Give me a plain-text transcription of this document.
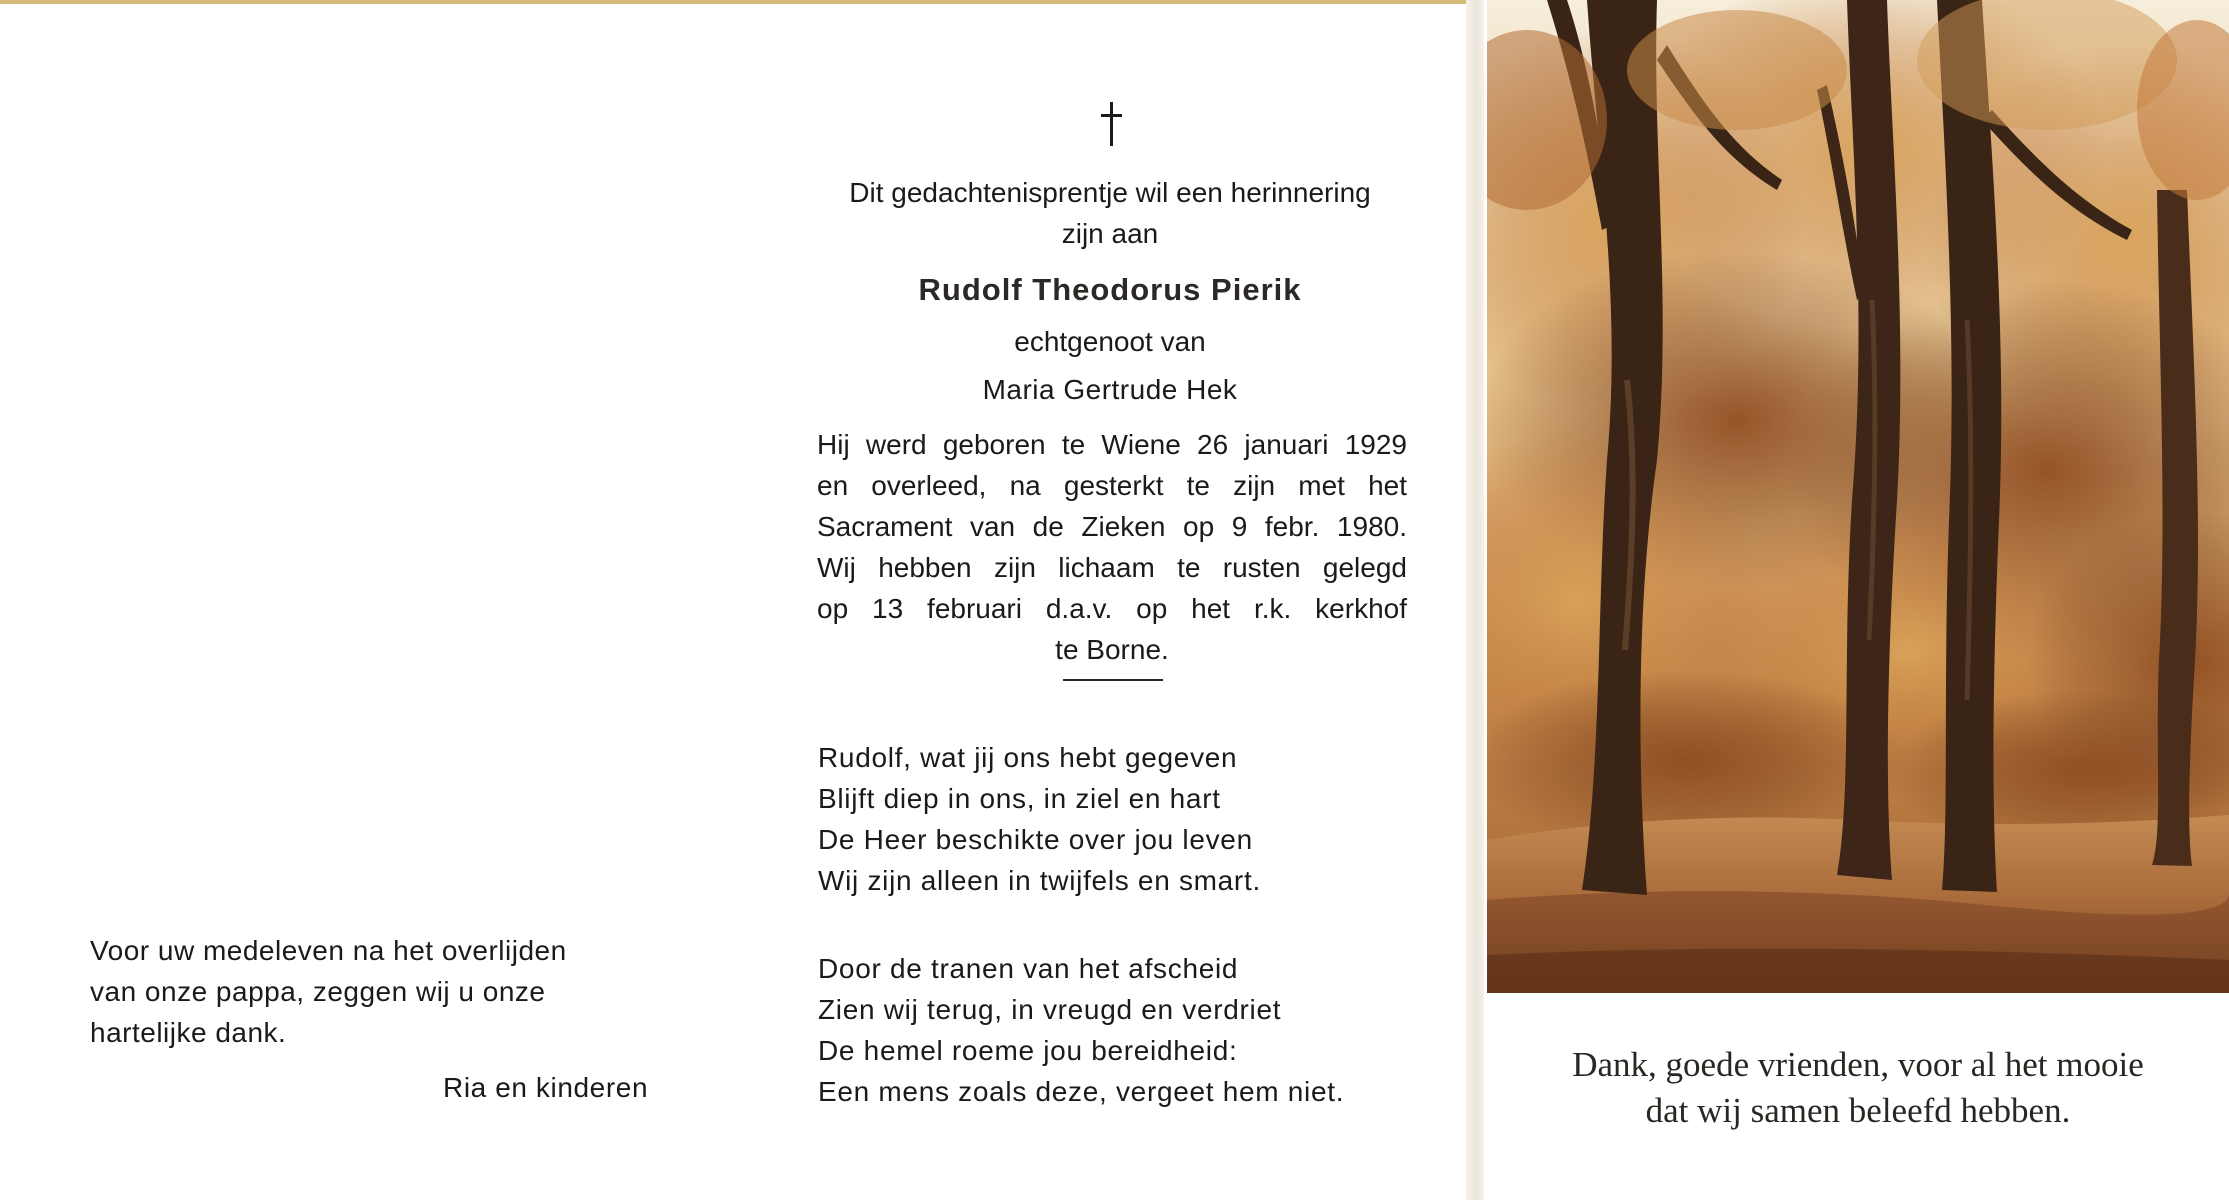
Voor uw medeleven na het overlijden
van onze pappa, zeggen wij u onze
hartelijke dank.
Ria en kinderen
Dit gedachtenisprentje wil een herinnering
zijn aan
Rudolf Theodorus Pierik
echtgenoot van
Maria Gertrude Hek
Hij werd geboren te Wiene 26 januari 1929
en overleed, na gesterkt te zijn met het
Sacrament van de Zieken op 9 febr. 1980.
Wij hebben zijn lichaam te rusten gelegd
op 13 februari d.a.v. op het r.k. kerkhof
te Borne.
Rudolf, wat jij ons hebt gegeven
Blijft diep in ons, in ziel en hart
De Heer beschikte over jou leven
Wij zijn alleen in twijfels en smart.
Door de tranen van het afscheid
Zien wij terug, in vreugd en verdriet
De hemel roeme jou bereidheid:
Een mens zoals deze, vergeet hem niet.
Dank, goede vrienden, voor al het mooie
dat wij samen beleefd hebben.
